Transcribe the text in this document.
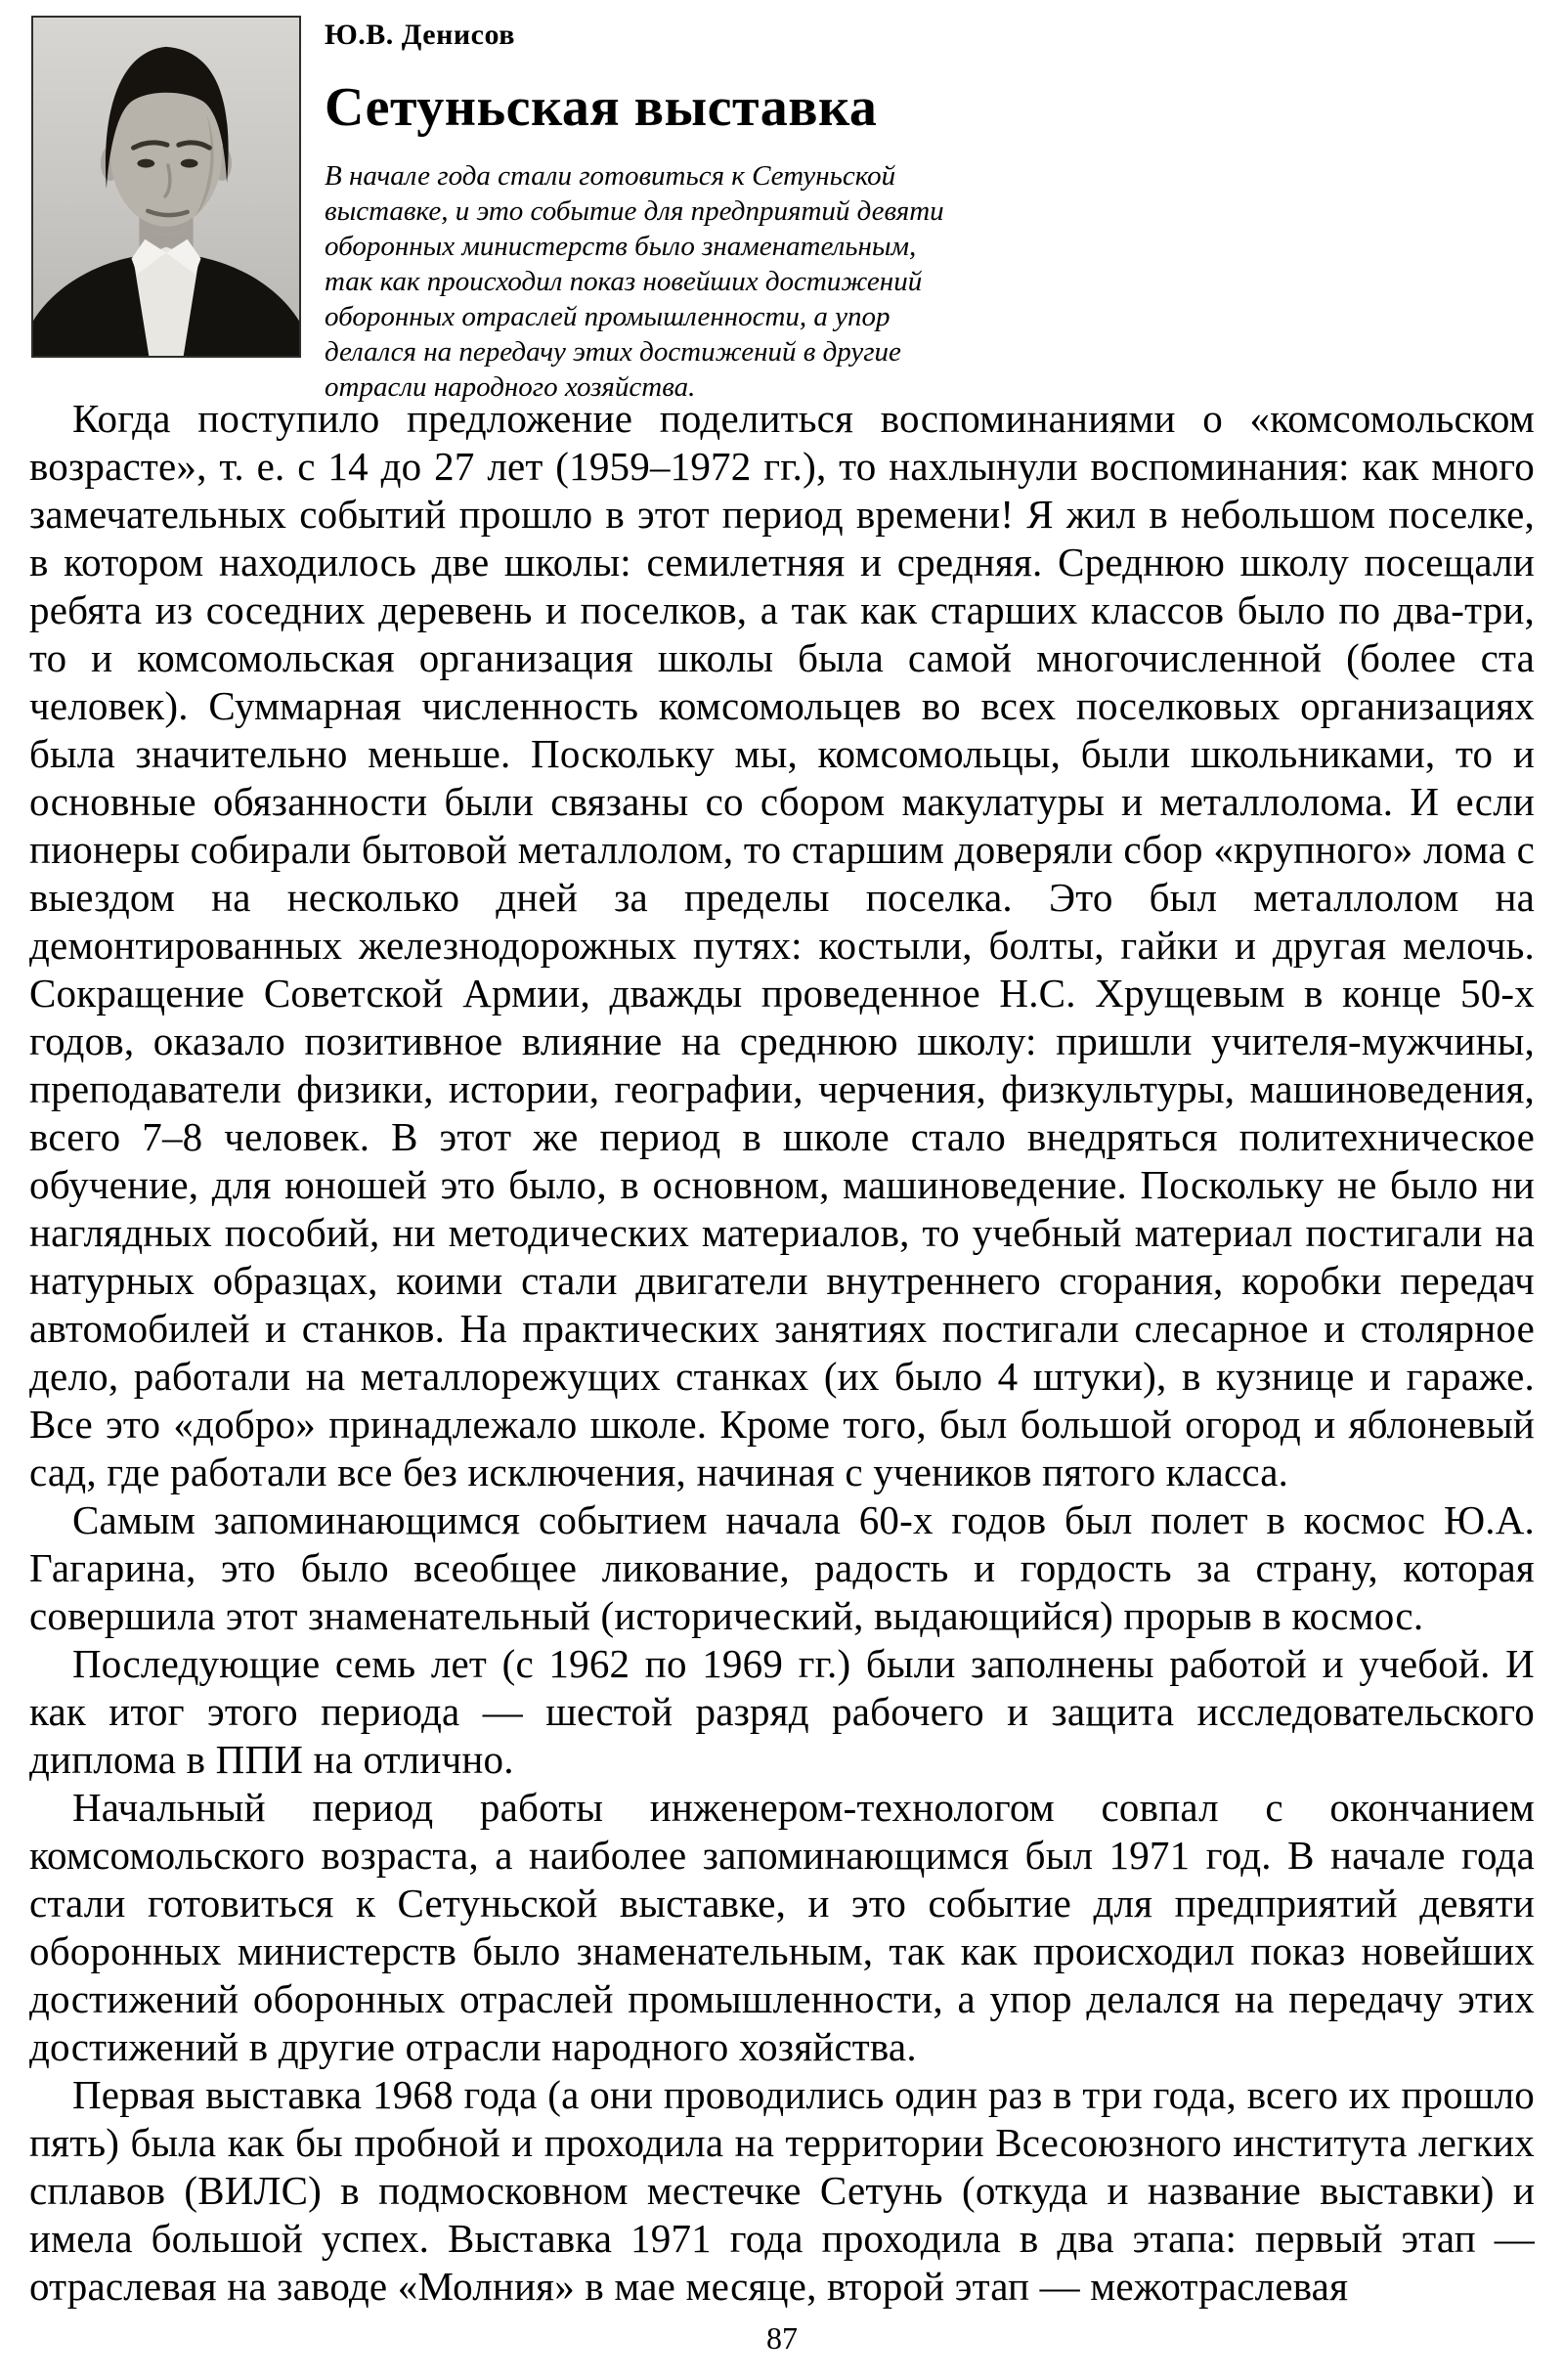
Ю.В. Денисов
Сетуньская выставка

В начале года стали готовиться к Сетуньской выставке, и это событие для предприятий девяти оборонных министерств было знаменательным, так как происходил показ новейших достижений оборонных отраслей промышленности, а упор делался на передачу этих достижений в другие отрасли народного хозяйства.

Когда поступило предложение поделиться воспоминаниями о «комсомольском возрасте», т. е. с 14 до 27 лет (1959–1972 гг.), то нахлынули воспоминания: как много замечательных событий прошло в этот период времени! Я жил в небольшом поселке, в котором находилось две школы: семилетняя и средняя. Среднюю школу посещали ребята из соседних деревень и поселков, а так как старших классов было по два-три, то и комсомольская организация школы была самой многочисленной (более ста человек). Суммарная численность комсомольцев во всех поселковых организациях была значительно меньше. Поскольку мы, комсомольцы, были школьниками, то и основные обязанности были связаны со сбором макулатуры и металлолома. И если пионеры собирали бытовой металлолом, то старшим доверяли сбор «крупного» лома с выездом на несколько дней за пределы поселка. Это был металлолом на демонтированных железнодорожных путях: костыли, болты, гайки и другая мелочь. Сокращение Советской Армии, дважды проведенное Н.С. Хрущевым в конце 50-х годов, оказало позитивное влияние на среднюю школу: пришли учителя-мужчины, преподаватели физики, истории, географии, черчения, физкультуры, машиноведения, всего 7–8 человек. В этот же период в школе стало внедряться политехническое обучение, для юношей это было, в основном, машиноведение. Поскольку не было ни наглядных пособий, ни методических материалов, то учебный материал постигали на натурных образцах, коими стали двигатели внутреннего сгорания, коробки передач автомобилей и станков. На практических занятиях постигали слесарное и столярное дело, работали на металлорежущих станках (их было 4 штуки), в кузнице и гараже. Все это «добро» принадлежало школе. Кроме того, был большой огород и яблоневый сад, где работали все без исключения, начиная с учеников пятого класса.

Самым запоминающимся событием начала 60-х годов был полет в космос Ю.А. Гагарина, это было всеобщее ликование, радость и гордость за страну, которая совершила этот знаменательный (исторический, выдающийся) прорыв в космос.

Последующие семь лет (с 1962 по 1969 гг.) были заполнены работой и учебой. И как итог этого периода — шестой разряд рабочего и защита исследовательского диплома в ППИ на отлично.

Начальный период работы инженером-технологом совпал с окончанием комсомольского возраста, а наиболее запоминающимся был 1971 год. В начале года стали готовиться к Сетуньской выставке, и это событие для предприятий девяти оборонных министерств было знаменательным, так как происходил показ новейших достижений оборонных отраслей промышленности, а упор делался на передачу этих достижений в другие отрасли народного хозяйства.

Первая выставка 1968 года (а они проводились один раз в три года, всего их прошло пять) была как бы пробной и проходила на территории Всесоюзного института легких сплавов (ВИЛС) в подмосковном местечке Сетунь (откуда и название выставки) и имела большой успех. Выставка 1971 года проходила в два этапа: первый этап — отраслевая на заводе «Молния» в мае месяце, второй этап — межотраслевая

87
